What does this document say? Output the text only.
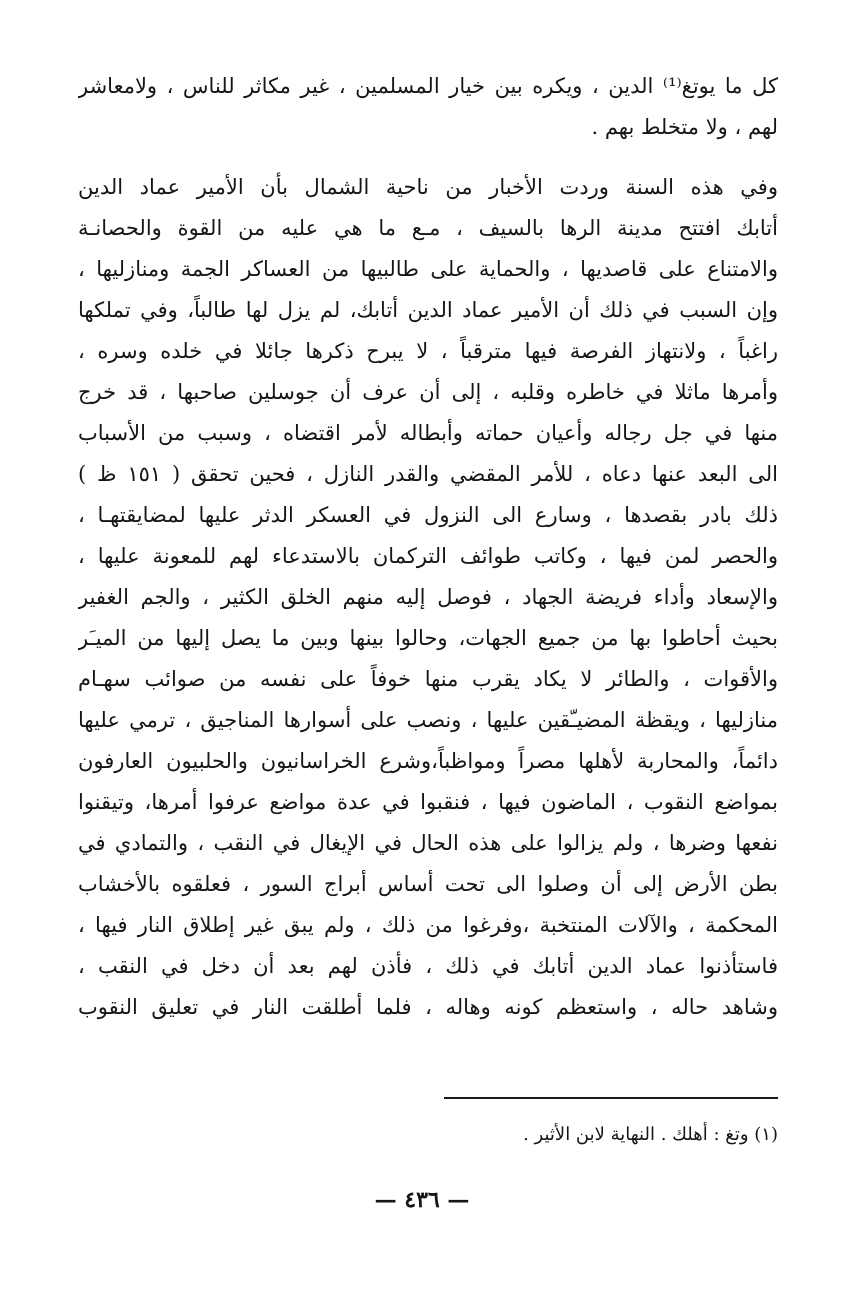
كل ما يوتغ⁽¹⁾ الدين ، ويكره بين خيار المسلمين ، غير مكاثر للناس ، ولامعاشر
لهم ، ولا متخلط بهم .
وفي هذه السنة وردت الأخبار من ناحية الشمال بأن الأمير عماد الدين
أتابك افتتح مدينة الرها بالسيف ، مـع ما هي عليه من القوة والحصانـة
والامتناع على قاصديها ، والحماية على طالبيها من العساكر الجمة ومنازليها ،
وإن السبب في ذلك أن الأمير عماد الدين أتابك، لم يزل لها طالباً، وفي تملكها
راغباً ، ولانتهاز الفرصة فيها مترقباً ، لا يبرح ذكرها جائلا في خلده وسره ،
وأمرها ماثلا في خاطره وقلبه ، إلى أن عرف أن جوسلين صاحبها ، قد خرج
منها في جل رجاله وأعيان حماته وأبطاله لأمر اقتضاه ، وسبب من الأسباب
الى البعد عنها دعاه ، للأمر المقضي والقدر النازل ، فحين تحقق ( ١٥١ ظ )
ذلك بادر بقصدها ، وسارع الى النزول في العسكر الدثر عليها لمضايقتهـا ،
والحصر لمن فيها ، وكاتب طوائف التركمان بالاستدعاء لهم للمعونة عليها ،
والإسعاد وأداء فريضة الجهاد ، فوصل إليه منهم الخلق الكثير ، والجم الغفير
بحيث أحاطوا بها من جميع الجهات، وحالوا بينها وبين ما يصل إليها من الميـَر
والأقوات ، والطائر لا يكاد يقرب منها خوفاً على نفسه من صوائب سهـام
منازليها ، ويقظة المضيـّقين عليها ، ونصب على أسوارها المناجيق ، ترمي عليها
دائماً، والمحاربة لأهلها مصراً ومواظباً،وشرع الخراسانيون والحلبيون العارفون
بمواضع النقوب ، الماضون فيها ، فنقبوا في عدة مواضع عرفوا أمرها، وتيقنوا
نفعها وضرها ، ولم يزالوا على هذه الحال في الإيغال في النقب ، والتمادي في
بطن الأرض إلى أن وصلوا الى تحت أساس أبراج السور ، فعلقوه بالأخشاب
المحكمة ، والآلات المنتخبة ،وفرغوا من ذلك ، ولم يبق غير إطلاق النار فيها ،
فاستأذنوا عماد الدين أتابك في ذلك ، فأذن لهم بعد أن دخل في النقب ،
وشاهد حاله ، واستعظم كونه وهاله ، فلما أطلقت النار في تعليق النقوب
(١) وتغ : أهلك . النهاية لابن الأثير .
— ٤٣٦ —
